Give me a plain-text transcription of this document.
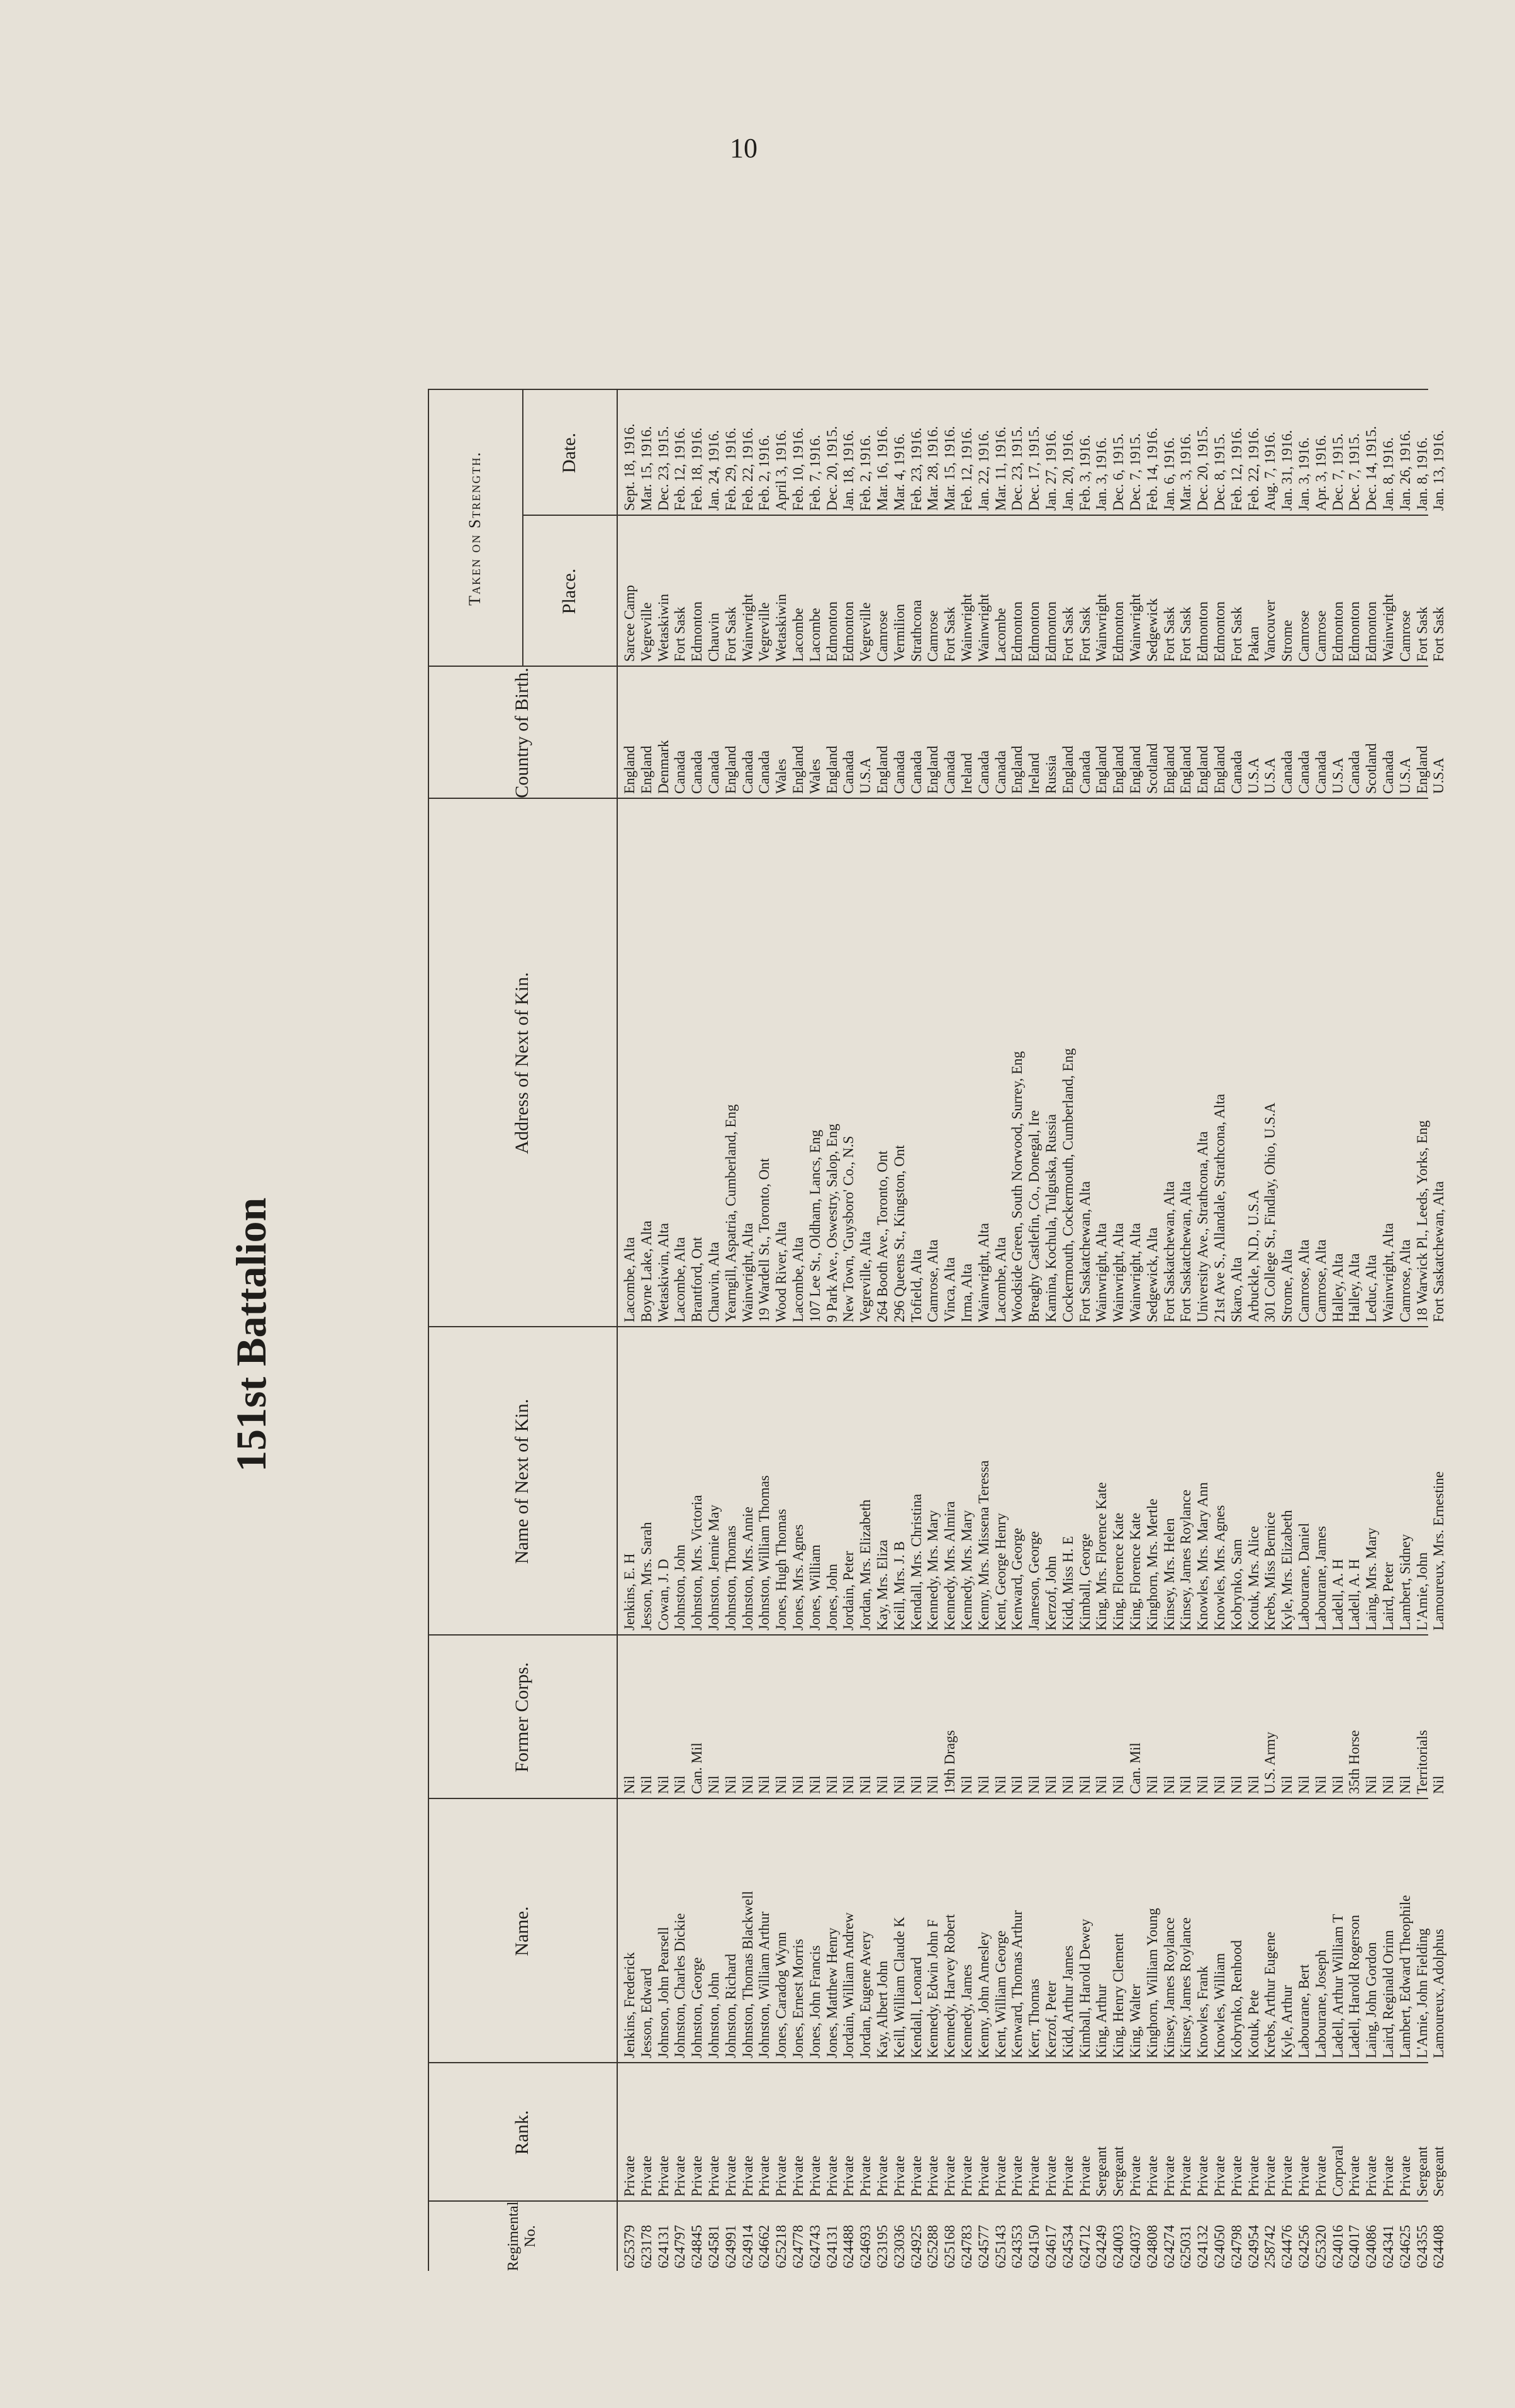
10
151st Battalion
Regimental No.
Rank.
Name.
Former Corps.
Name of Next of Kin.
Address of Next of Kin.
Country of Birth.
Taken on Strength.	Place.
Date.
625379
Private
Jenkins, Frederick
Nil
Jenkins, E. H
Lacombe, Alta
England
Sarcee Camp
Sept. 18, 1916.
623178
Private
Jesson, Edward
Nil
Jesson, Mrs. Sarah
Boyne Lake, Alta
England
Vegreville
Mar. 15, 1916.
624131
Private
Johnson, John Pearsell
Nil
Cowan, J. D
Wetaskiwin, Alta
Denmark
Wetaskiwin
Dec. 23, 1915.
624797
Private
Johnston, Charles Dickie
Nil
Johnston, John
Lacombe, Alta
Canada
Fort Sask
Feb. 12, 1916.
624845
Private
Johnston, George
Can. Mil
Johnston, Mrs. Victoria
Brantford, Ont
Canada
Edmonton
Feb. 18, 1916.
624581
Private
Johnston, John
Nil
Johnston, Jennie May
Chauvin, Alta
Canada
Chauvin
Jan. 24, 1916.
624991
Private
Johnston, Richard
Nil
Johnston, Thomas
Yearngill, Aspatria, Cumberland, Eng
England
Fort Sask
Feb. 29, 1916.
624914
Private
Johnston, Thomas Blackwell
Nil
Johnston, Mrs. Annie
Wainwright, Alta
Canada
Wainwright
Feb. 22, 1916.
624662
Private
Johnston, William Arthur
Nil
Johnston, William Thomas
19 Wardell St., Toronto, Ont
Canada
Vegreville
Feb. 2, 1916.
625218
Private
Jones, Caradog Wynn
Nil
Jones, Hugh Thomas
Wood River, Alta
Wales
Wetaskiwin
April 3, 1916.
624778
Private
Jones, Ernest Morris
Nil
Jones, Mrs. Agnes
Lacombe, Alta
England
Lacombe
Feb. 10, 1916.
624743
Private
Jones, John Francis
Nil
Jones, William
107 Lee St., Oldham, Lancs, Eng
Wales
Lacombe
Feb. 7, 1916.
624131
Private
Jones, Matthew Henry
Nil
Jones, John
9 Park Ave., Oswestry, Salop, Eng
England
Edmonton
Dec. 20, 1915.
624488
Private
Jordain, William Andrew
Nil
Jordain, Peter
New Town, 'Guysboro' Co., N.S
Canada
Edmonton
Jan. 18, 1916.
624693
Private
Jordan, Eugene Avery
Nil
Jordan, Mrs. Elizabeth
Vegreville, Alta
U.S.A
Vegreville
Feb. 2, 1916.
623195
Private
Kay, Albert John
Nil
Kay, Mrs. Eliza
264 Booth Ave., Toronto, Ont
England
Camrose
Mar. 16, 1916.
623036
Private
Keill, William Claude K
Nil
Keill, Mrs. J. B
296 Queens St., Kingston, Ont
Canada
Vermilion
Mar. 4, 1916.
624925
Private
Kendall, Leonard
Nil
Kendall, Mrs. Christina
Tofield, Alta
Canada
Strathcona
Feb. 23, 1916.
625288
Private
Kennedy, Edwin John F
Nil
Kennedy, Mrs. Mary
Camrose, Alta
England
Camrose
Mar. 28, 1916.
625168
Private
Kennedy, Harvey Robert
19th Drags
Kennedy, Mrs. Almira
Vinca, Alta
Canada
Fort Sask
Mar. 15, 1916.
624783
Private
Kennedy, James
Nil
Kennedy, Mrs. Mary
Irma, Alta
Ireland
Wainwright
Feb. 12, 1916.
624577
Private
Kenny, John Amesley
Nil
Kenny, Mrs. Missena Teressa
Wainwright, Alta
Canada
Wainwright
Jan. 22, 1916.
625143
Private
Kent, William George
Nil
Kent, George Henry
Lacombe, Alta
Canada
Lacombe
Mar. 11, 1916.
624353
Private
Kenward, Thomas Arthur
Nil
Kenward, George
Woodside Green, South Norwood, Surrey, Eng
England
Edmonton
Dec. 23, 1915.
624150
Private
Kerr, Thomas
Nil
Jameson, George
Breaghy Castlefin, Co., Donegal, Ire
Ireland
Edmonton
Dec. 17, 1915.
624617
Private
Kerzof, Peter
Nil
Kerzof, John
Kamina, Kochula, Tulguska, Russia
Russia
Edmonton
Jan. 27, 1916.
624534
Private
Kidd, Arthur James
Nil
Kidd, Miss H. E
Cockermouth, Cockermouth, Cumberland, Eng
England
Fort Sask
Jan. 20, 1916.
624712
Private
Kimball, Harold Dewey
Nil
Kimball, George
Fort Saskatchewan, Alta
Canada
Fort Sask
Feb. 3, 1916.
624249
Sergeant
King, Arthur
Nil
King, Mrs. Florence Kate
Wainwright, Alta
England
Wainwright
Jan. 3, 1916.
624003
Sergeant
King, Henry Clement
Nil
King, Florence Kate
Wainwright, Alta
England
Edmonton
Dec. 6, 1915.
624037
Private
King, Walter
Can. Mil
King, Florence Kate
Wainwright, Alta
England
Wainwright
Dec. 7, 1915.
624808
Private
Kinghorn, William Young
Nil
Kinghorn, Mrs. Mertle
Sedgewick, Alta
Scotland
Sedgewick
Feb. 14, 1916.
624274
Private
Kinsey, James Roylance
Nil
Kinsey, Mrs. Helen
Fort Saskatchewan, Alta
England
Fort Sask
Jan. 6, 1916.
625031
Private
Kinsey, James Roylance
Nil
Kinsey, James Roylance
Fort Saskatchewan, Alta
England
Fort Sask
Mar. 3, 1916.
624132
Private
Knowles, Frank
Nil
Knowles, Mrs. Mary Ann
University Ave., Strathcona, Alta
England
Edmonton
Dec. 20, 1915.
624050
Private
Knowles, William
Nil
Knowles, Mrs. Agnes
21st Ave S., Allandale, Strathcona, Alta
England
Edmonton
Dec. 8, 1915.
624798
Private
Kobrynko, Renhood
Nil
Kobrynko, Sam
Skaro, Alta
Canada
Fort Sask
Feb. 12, 1916.
624954
Private
Kotuk, Pete
Nil
Kotuk, Mrs. Alice
Arbuckle, N.D., U.S.A
U.S.A
Pakan
Feb. 22, 1916.
258742
Private
Krebs, Arthur Eugene
U.S. Army
Krebs, Miss Bernice
301 College St., Findlay, Ohio, U.S.A
U.S.A
Vancouver
Aug. 7, 1916.
624476
Private
Kyle, Arthur
Nil
Kyle, Mrs. Elizabeth
Strome, Alta
Canada
Strome
Jan. 31, 1916.
624256
Private
Labourane, Bert
Nil
Labourane, Daniel
Camrose, Alta
Canada
Camrose
Jan. 3, 1916.
625320
Private
Labourane, Joseph
Nil
Labourane, James
Camrose, Alta
Canada
Camrose
Apr. 3, 1916.
624016
Corporal
Ladell, Arthur William T
Nil
Ladell, A. H
Halley, Alta
U.S.A
Edmonton
Dec. 7, 1915.
624017
Private
Ladell, Harold Rogerson
35th Horse
Ladell, A. H
Halley, Alta
Canada
Edmonton
Dec. 7, 1915.
624086
Private
Laing, John Gordon
Nil
Laing, Mrs. Mary
Leduc, Alta
Scotland
Edmonton
Dec. 14, 1915.
624341
Private
Laird, Reginald Orinn
Nil
Laird, Peter
Wainwright, Alta
Canada
Wainwright
Jan. 8, 1916.
624625
Private
Lambert, Edward Theophile
Nil
Lambert, Sidney
Camrose, Alta
U.S.A
Camrose
Jan. 26, 1916.
624355
Sergeant
L'Amie, John Fielding
Territorials
L'Amie, John
18 Warwick Pl., Leeds, Yorks, Eng
England
Fort Sask
Jan. 8, 1916.
624408
Sergeant
Lamoureux, Adolphus
Nil
Lamoureux, Mrs. Ernestine
Fort Saskatchewan, Alta
U.S.A
Fort Sask
Jan. 13, 1916.
